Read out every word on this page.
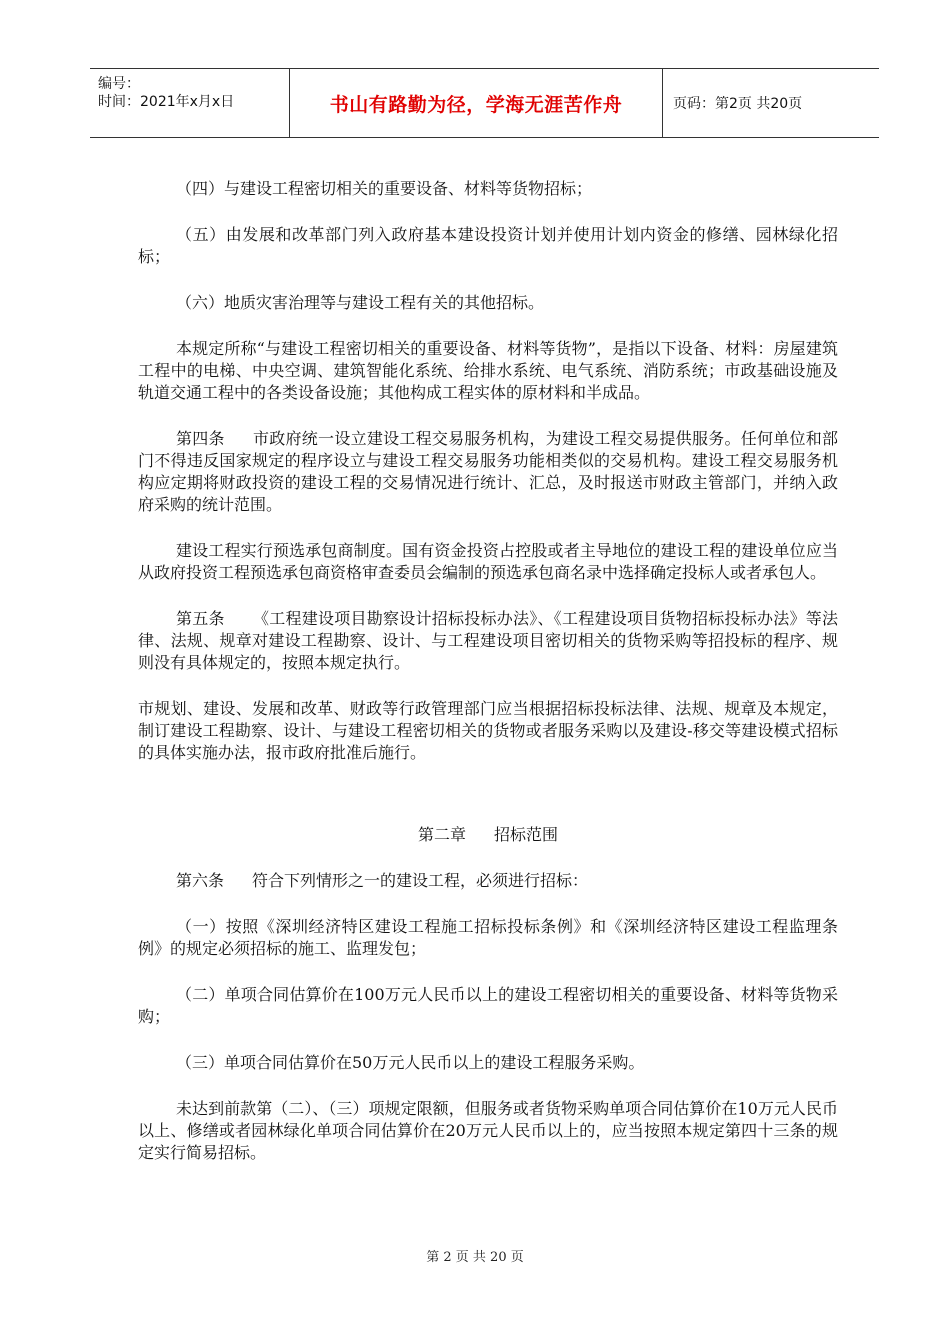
编号：
时间：2021年x月x日	书山有路勤为径，学海无涯苦作舟	页码：第2页 共20页

（四）与建设工程密切相关的重要设备、材料等货物招标；

（五）由发展和改革部门列入政府基本建设投资计划并使用计划内资金的修缮、园林绿化招标；

（六）地质灾害治理等与建设工程有关的其他招标。

本规定所称“与建设工程密切相关的重要设备、材料等货物”，是指以下设备、材料：房屋建筑工程中的电梯、中央空调、建筑智能化系统、给排水系统、电气系统、消防系统；市政基础设施及轨道交通工程中的各类设备设施；其他构成工程实体的原材料和半成品。

第四条 市政府统一设立建设工程交易服务机构，为建设工程交易提供服务。任何单位和部门不得违反国家规定的程序设立与建设工程交易服务功能相类似的交易机构。建设工程交易服务机构应定期将财政投资的建设工程的交易情况进行统计、汇总，及时报送市财政主管部门，并纳入政府采购的统计范围。

建设工程实行预选承包商制度。国有资金投资占控股或者主导地位的建设工程的建设单位应当从政府投资工程预选承包商资格审查委员会编制的预选承包商名录中选择确定投标人或者承包人。

第五条 《工程建设项目勘察设计招标投标办法》、《工程建设项目货物招标投标办法》等法律、法规、规章对建设工程勘察、设计、与工程建设项目密切相关的货物采购等招投标的程序、规则没有具体规定的，按照本规定执行。

市规划、建设、发展和改革、财政等行政管理部门应当根据招标投标法律、法规、规章及本规定，制订建设工程勘察、设计、与建设工程密切相关的货物或者服务采购以及建设-移交等建设模式招标的具体实施办法，报市政府批准后施行。

第二章 招标范围

第六条 符合下列情形之一的建设工程，必须进行招标：

（一）按照《深圳经济特区建设工程施工招标投标条例》和《深圳经济特区建设工程监理条例》的规定必须招标的施工、监理发包；

（二）单项合同估算价在100万元人民币以上的建设工程密切相关的重要设备、材料等货物采购；

（三）单项合同估算价在50万元人民币以上的建设工程服务采购。

未达到前款第（二）、（三）项规定限额，但服务或者货物采购单项合同估算价在10万元人民币以上、修缮或者园林绿化单项合同估算价在20万元人民币以上的，应当按照本规定第四十三条的规定实行简易招标。

第 2 页 共 20 页
